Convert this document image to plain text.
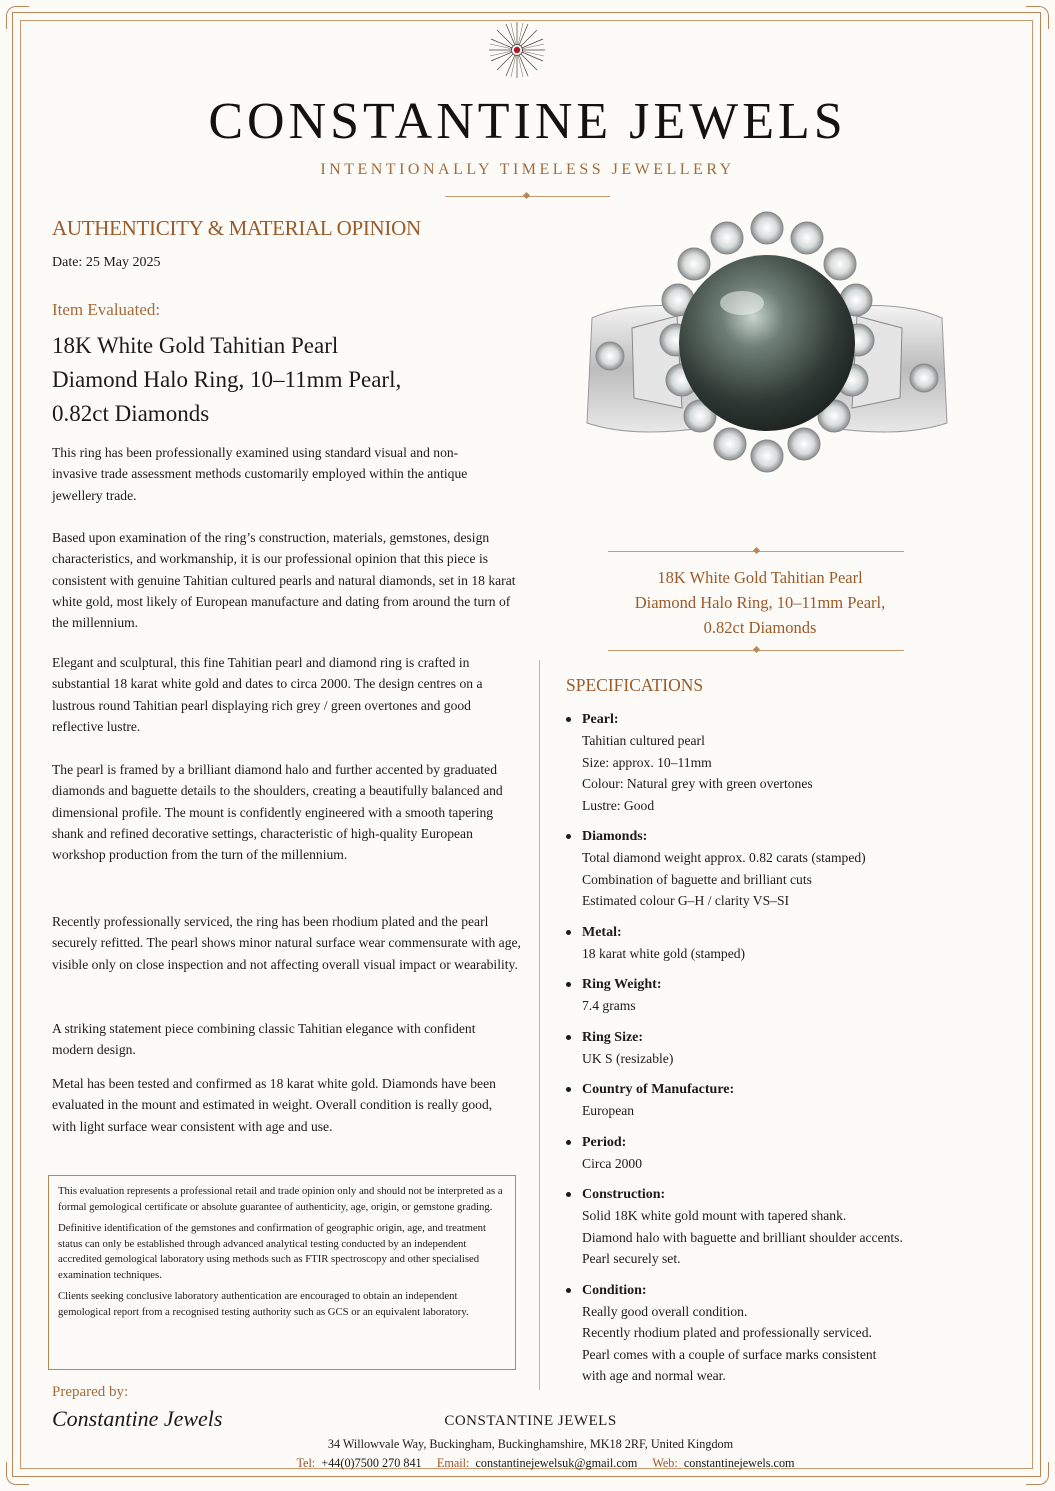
CONSTANTINE JEWELS
INTENTIONALLY TIMELESS JEWELLERY
AUTHENTICITY & MATERIAL OPINION
Date: 25 May 2025
Item Evaluated:
18K White Gold Tahitian Pearl
Diamond Halo Ring, 10–11mm Pearl,
0.82ct Diamonds
This ring has been professionally examined using standard visual and non-invasive trade assessment methods customarily employed within the antique jewellery trade.
Based upon examination of the ring’s construction, materials, gemstones, design characteristics, and workmanship, it is our professional opinion that this piece is consistent with genuine Tahitian cultured pearls and natural diamonds, set in 18 karat white gold, most likely of European manufacture and dating from around the turn of the millennium.
Elegant and sculptural, this fine Tahitian pearl and diamond ring is crafted in substantial 18 karat white gold and dates to circa 2000. The design centres on a lustrous round Tahitian pearl displaying rich grey / green overtones and good reflective lustre.
The pearl is framed by a brilliant diamond halo and further accented by graduated diamonds and baguette details to the shoulders, creating a beautifully balanced and dimensional profile. The mount is confidently engineered with a smooth tapering shank and refined decorative settings, characteristic of high-quality European workshop production from the turn of the millennium.
Recently professionally serviced, the ring has been rhodium plated and the pearl securely refitted. The pearl shows minor natural surface wear commensurate with age, visible only on close inspection and not affecting overall visual impact or wearability.
A striking statement piece combining classic Tahitian elegance with confident modern design.
Metal has been tested and confirmed as 18 karat white gold. Diamonds have been evaluated in the mount and estimated in weight. Overall condition is really good, with light surface wear consistent with age and use.

This evaluation represents a professional retail and trade opinion only and should not be interpreted as a formal gemological certificate or absolute guarantee of authenticity, age, origin, or gemstone grading.

Definitive identification of the gemstones and confirmation of geographic origin, age, and treatment status can only be established through advanced analytical testing conducted by an independent accredited gemological laboratory using methods such as FTIR spectroscopy and other specialised examination techniques.

Clients seeking conclusive laboratory authentication are encouraged to obtain an independent gemological report from a recognised testing authority such as GCS or an equivalent laboratory.

18K White Gold Tahitian Pearl
Diamond Halo Ring, 10–11mm Pearl,
0.82ct Diamonds
SPECIFICATIONS
Pearl:
Tahitian cultured pearl
Size: approx. 10–11mm
Colour: Natural grey with green overtones
Lustre: Good
Diamonds:
Total diamond weight approx. 0.82 carats (stamped)
Combination of baguette and brilliant cuts
Estimated colour G–H / clarity VS–SI
Metal:
18 karat white gold (stamped)
Ring Weight:
7.4 grams
Ring Size:
UK S (resizable)
Country of Manufacture:
European
Period:
Circa 2000
Construction:
Solid 18K white gold mount with tapered shank.
Diamond halo with baguette and brilliant shoulder accents.
Pearl securely set.
Condition:
Really good overall condition.
Recently rhodium plated and professionally serviced.
Pearl comes with a couple of surface marks consistent
with age and normal wear.
Prepared by:
Constantine Jewels	CONSTANTINE JEWELS
34 Willowvale Way, Buckingham, Buckinghamshire, MK18 2RF, United Kingdom
Tel: +44(0)7500 270 841 Email: constantinejewelsuk@gmail.com Web: constantinejewels.com
